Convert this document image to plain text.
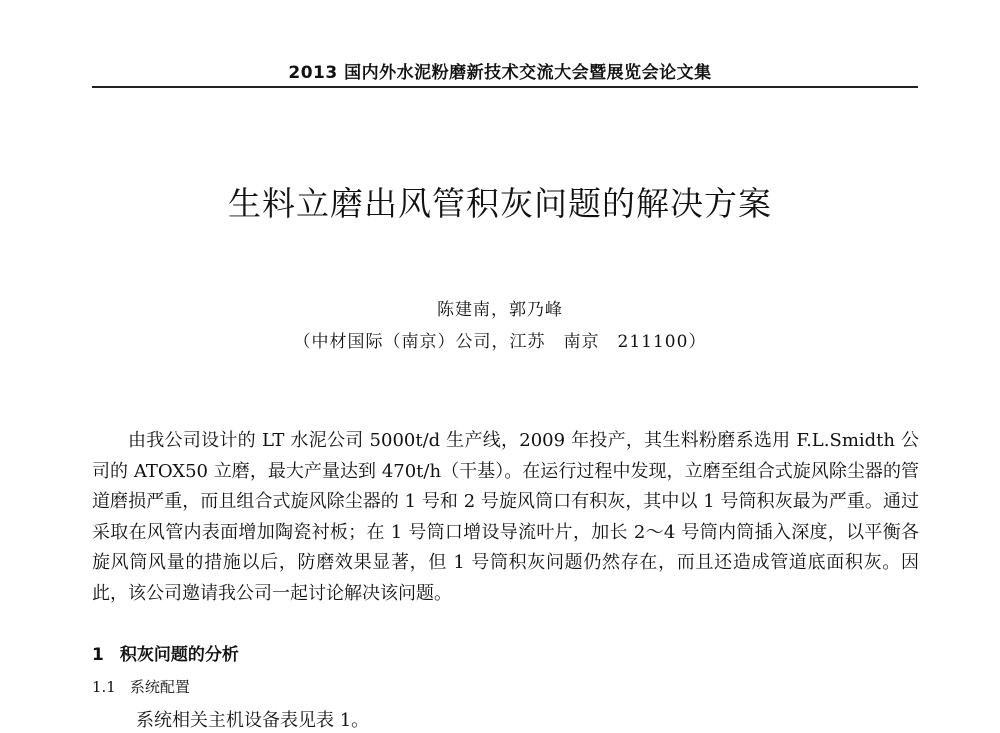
2013 国内外水泥粉磨新技术交流大会暨展览会论文集
生料立磨出风管积灰问题的解决方案
陈建南，郭乃峰
（中材国际（南京）公司，江苏　南京　211100）

由我公司设计的 LT 水泥公司 5000t/d 生产线，2009 年投产，其生料粉磨系选用 F.L.Smidth 公司的 ATOX50 立磨，最大产量达到 470t/h（干基）。在运行过程中发现，立磨至组合式旋风除尘器的管道磨损严重，而且组合式旋风除尘器的 1 号和 2 号旋风筒口有积灰，其中以 1 号筒积灰最为严重。通过采取在风管内表面增加陶瓷衬板；在 1 号筒口增设导流叶片，加长 2～4 号筒内筒插入深度，以平衡各旋风筒风量的措施以后，防磨效果显著，但 1 号筒积灰问题仍然存在，而且还造成管道底面积灰。因此，该公司邀请我公司一起讨论解决该问题。

1 积灰问题的分析
1.1 系统配置
系统相关主机设备表见表 1。
